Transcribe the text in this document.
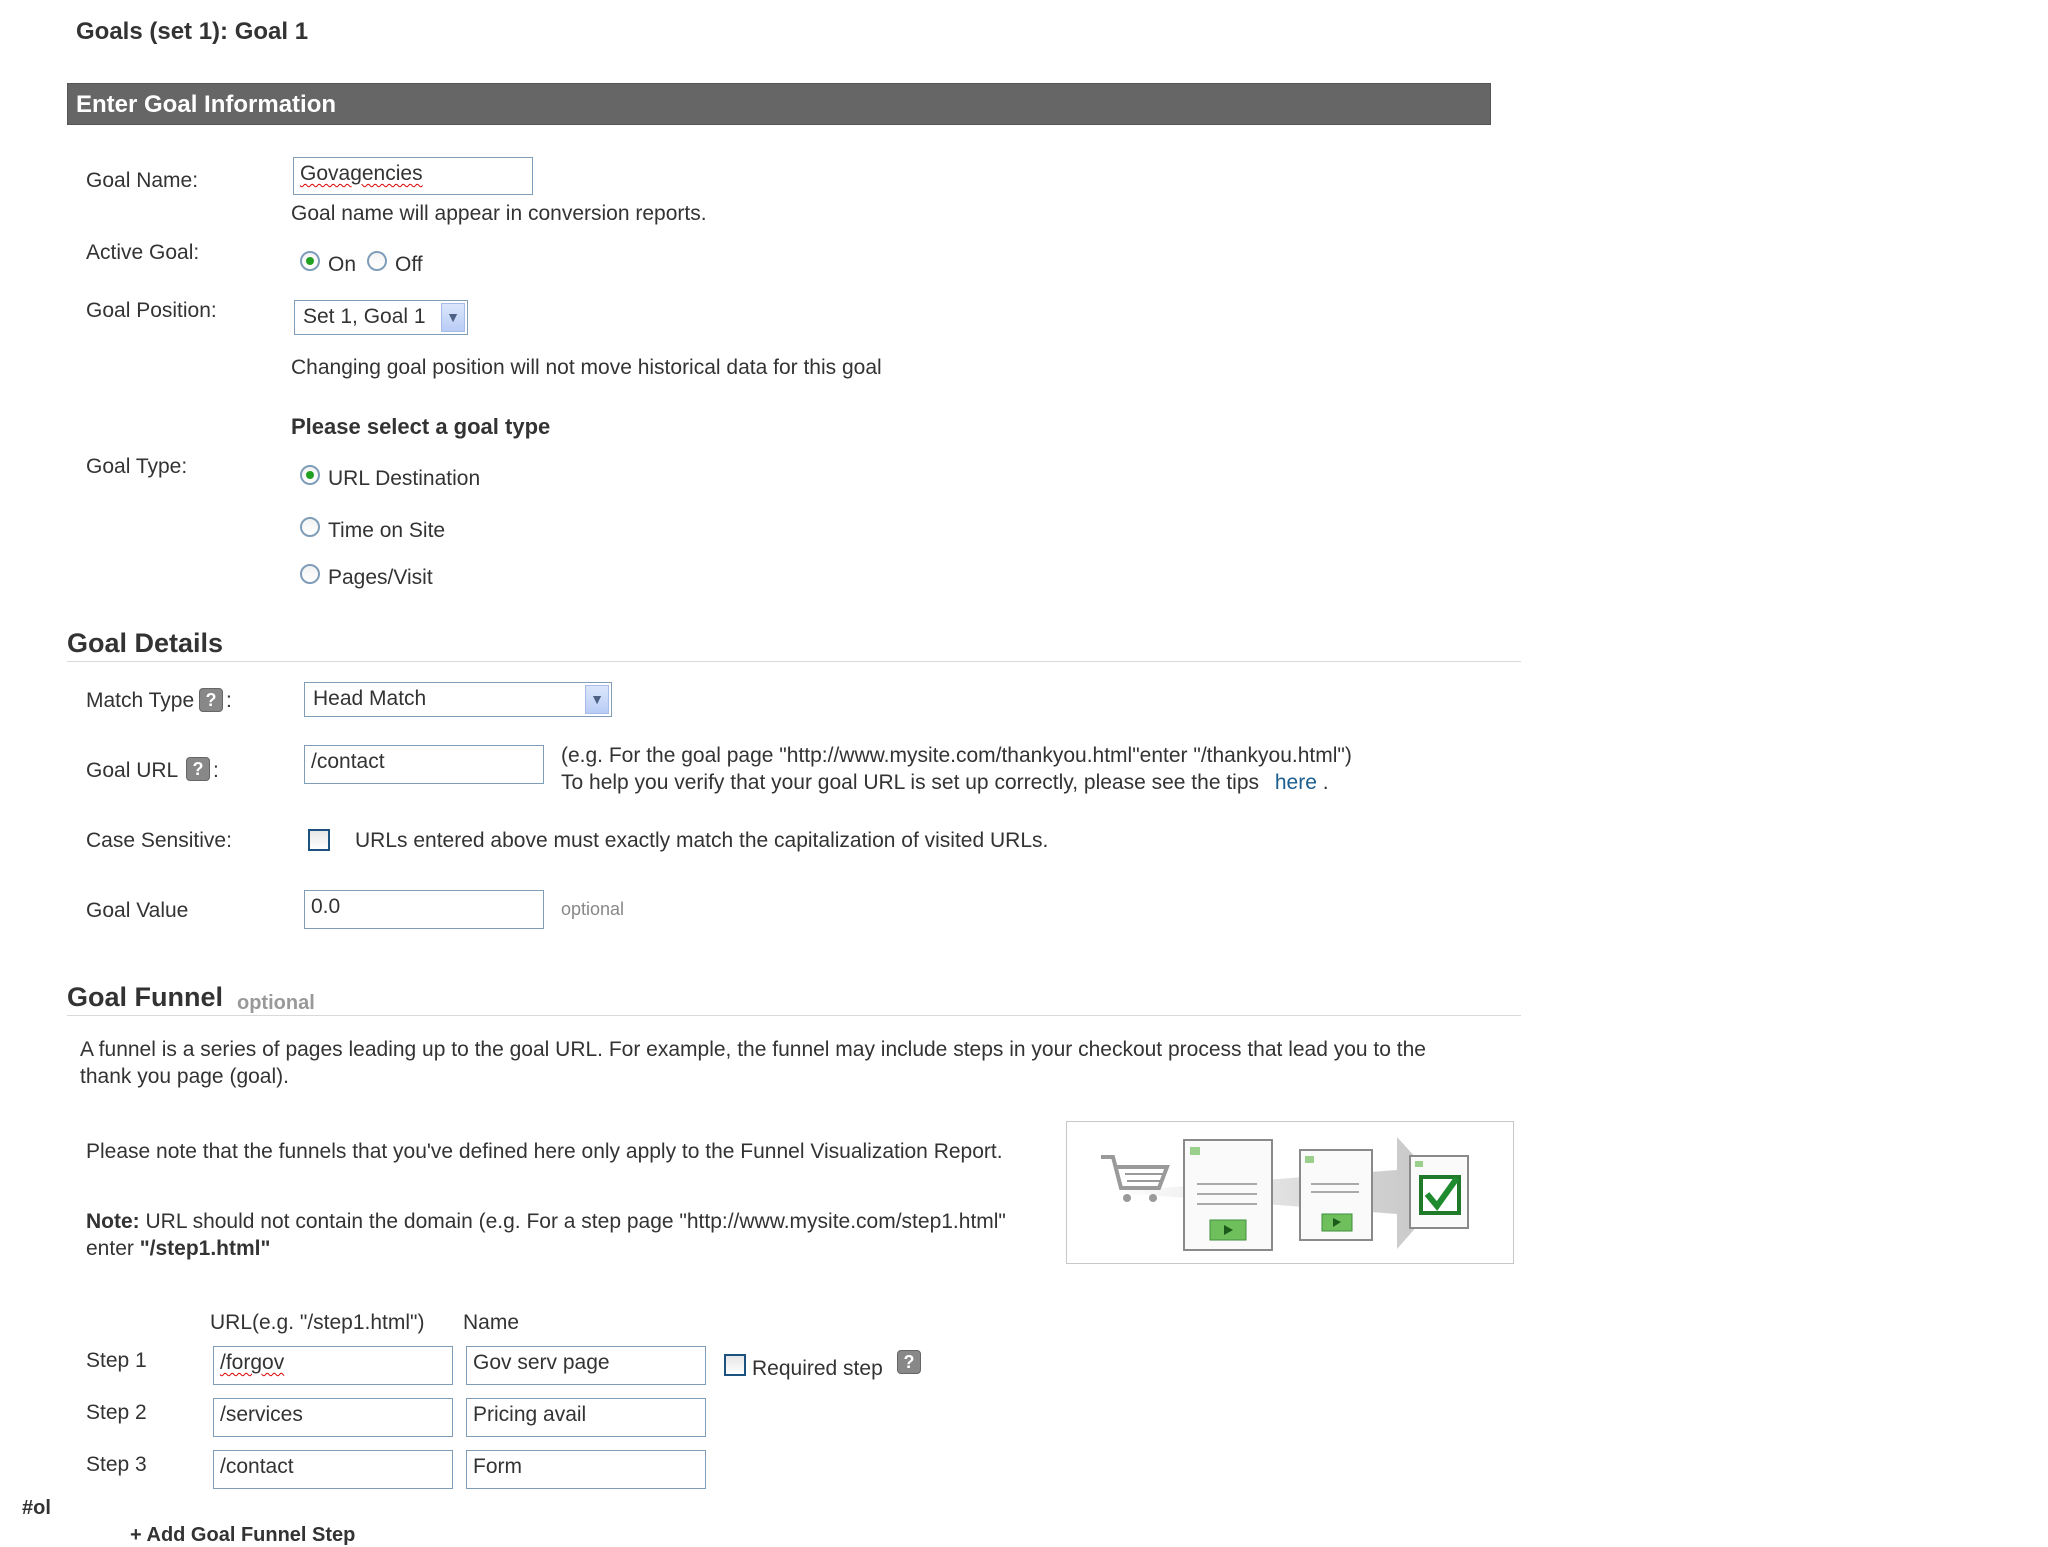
Goals (set 1): Goal 1
Enter Goal Information
Goal Name:	Govagencies
Goal name will appear in conversion reports.
Active Goal:
On Off
Goal Position:	Set 1, Goal 1	▼
Changing goal position will not move historical data for this goal
Please select a goal type
Goal Type:
URL Destination
Time on Site
Pages/Visit
Goal Details
Match Type ? :	Head Match	▼
Goal URL ? :	/contact	(e.g. For the goal page "http://www.mysite.com/thankyou.html"enter "/thankyou.html")
To help you verify that your goal URL is set up correctly, please see the tips here .
Case Sensitive:	URLs entered above must exactly match the capitalization of visited URLs.
Goal Value	0.0	optional
Goal Funnel optional
A funnel is a series of pages leading up to the goal URL. For example, the funnel may include steps in your checkout process that lead you to the
thank you page (goal).
Please note that the funnels that you've defined here only apply to the Funnel Visualization Report.
Note: URL should not contain the domain (e.g. For a step page "http://www.mysite.com/step1.html"
enter "/step1.html"
URL(e.g. "/step1.html") Name
Step 1	/forgov	Gov serv page	Required step	?
Step 2	/services	Pricing avail
Step 3	/contact	Form
#ol
+ Add Goal Funnel Step
